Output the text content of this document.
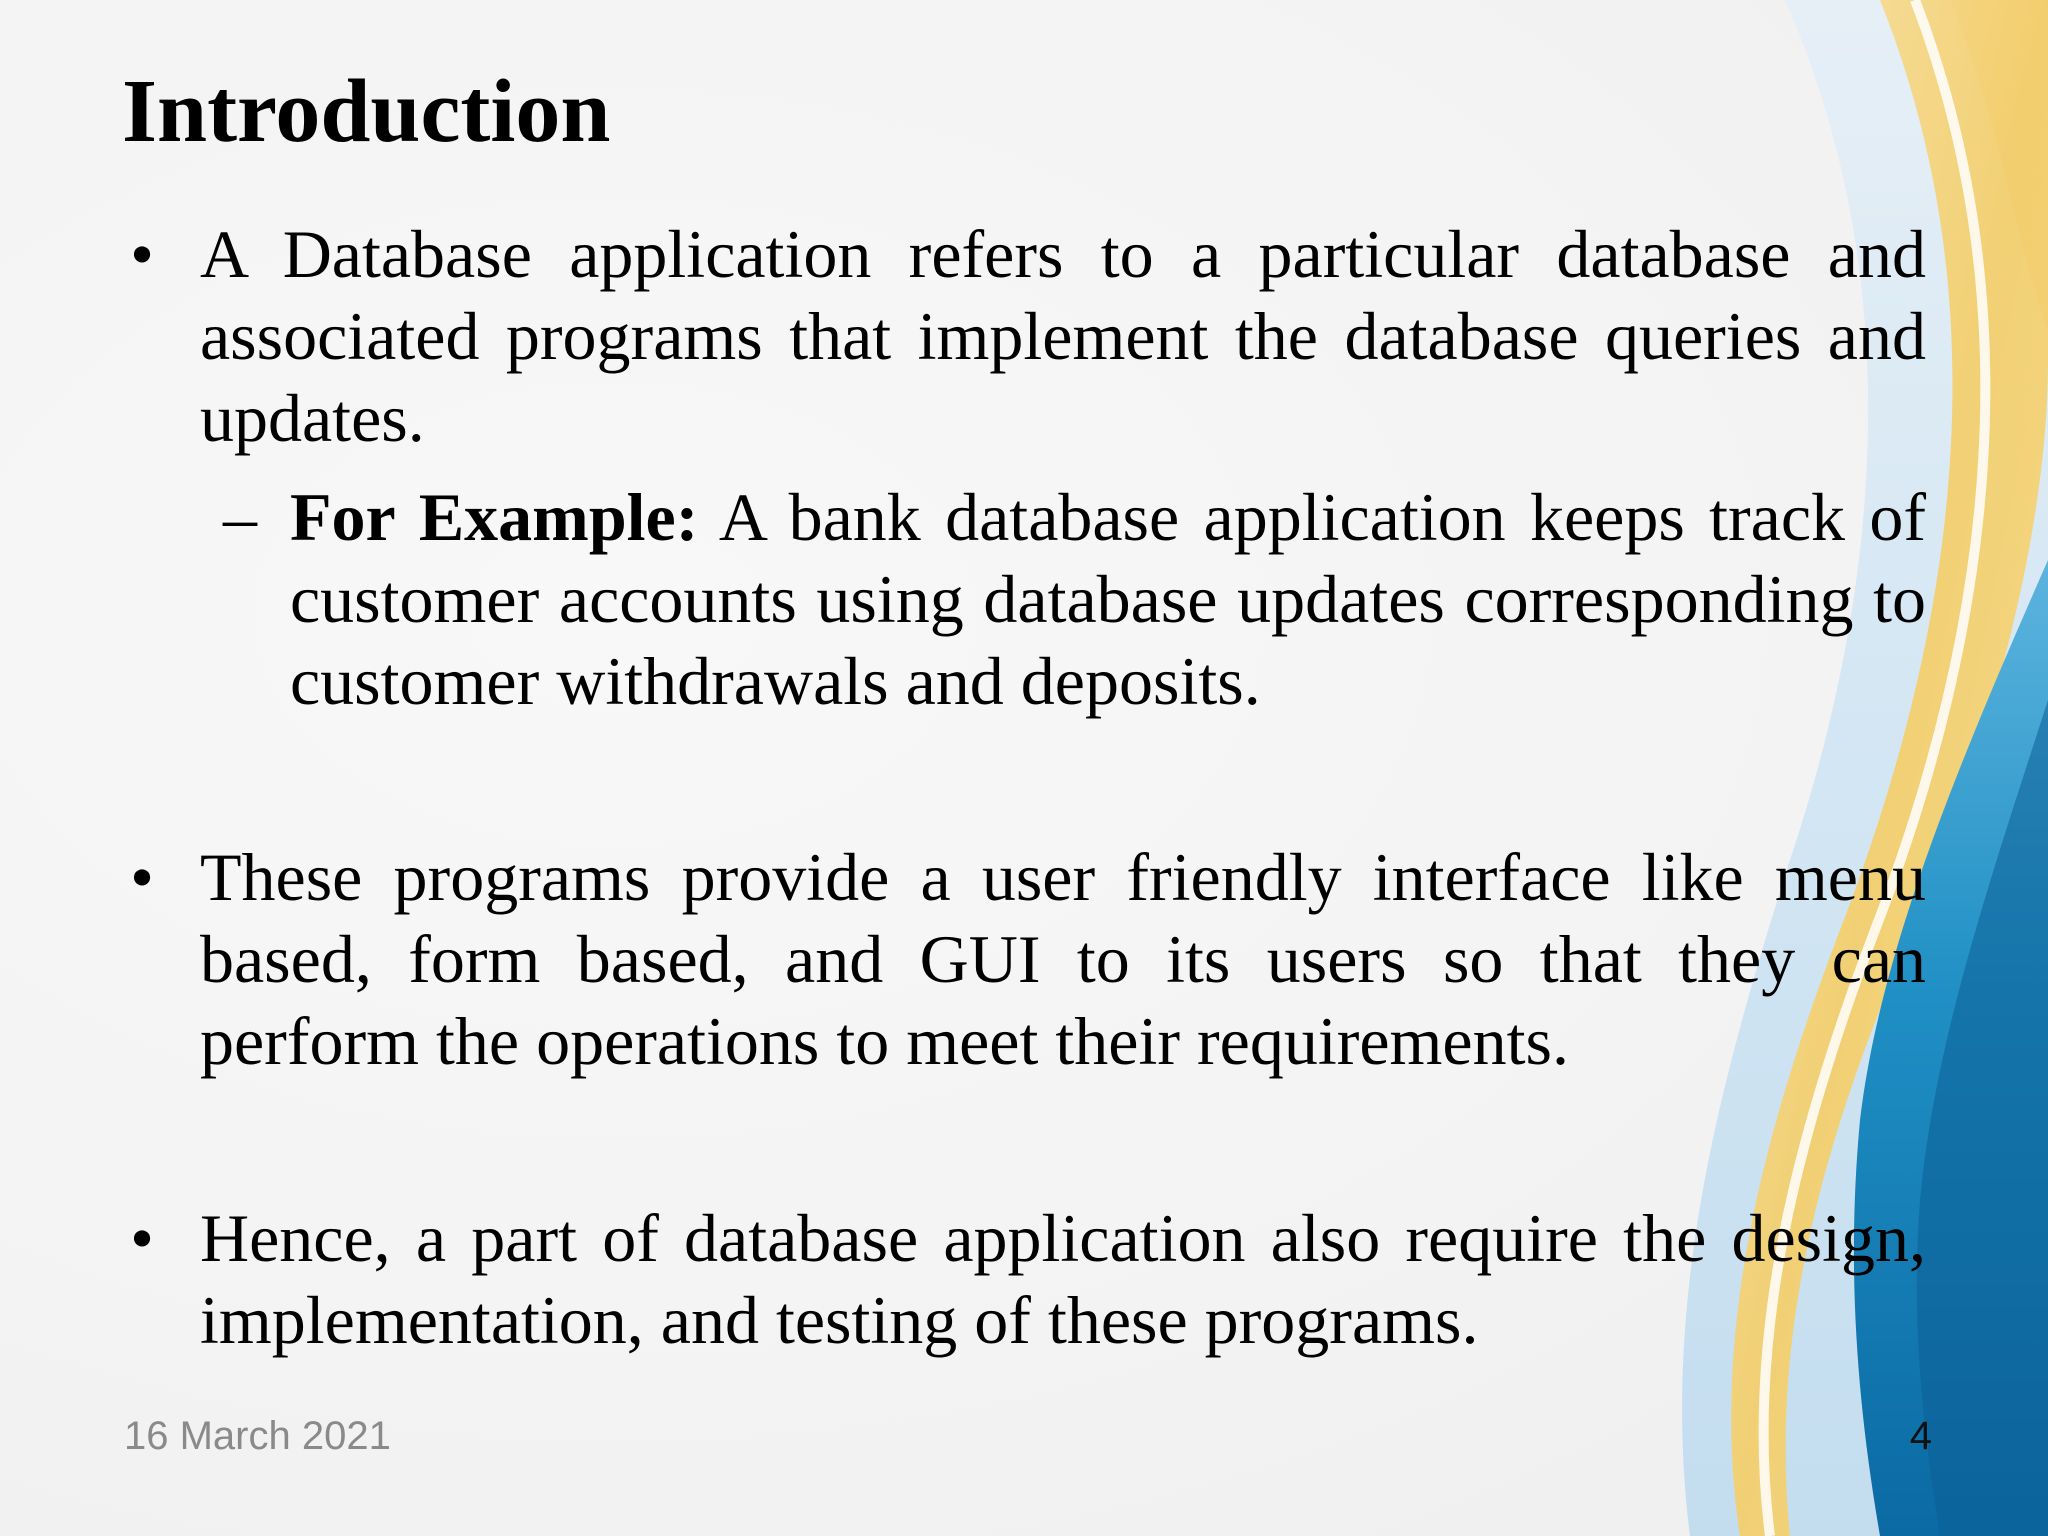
Introduction

• A Database application refers to a particular database and associated programs that implement the database queries and updates.

– For Example: A bank database application keeps track of customer accounts using database updates corresponding to customer withdrawals and deposits.

• These programs provide a user friendly interface like menu based, form based, and GUI to its users so that they can perform the operations to meet their requirements.

• Hence, a part of database application also require the design, implementation, and testing of these programs.

16 March 2021	4
